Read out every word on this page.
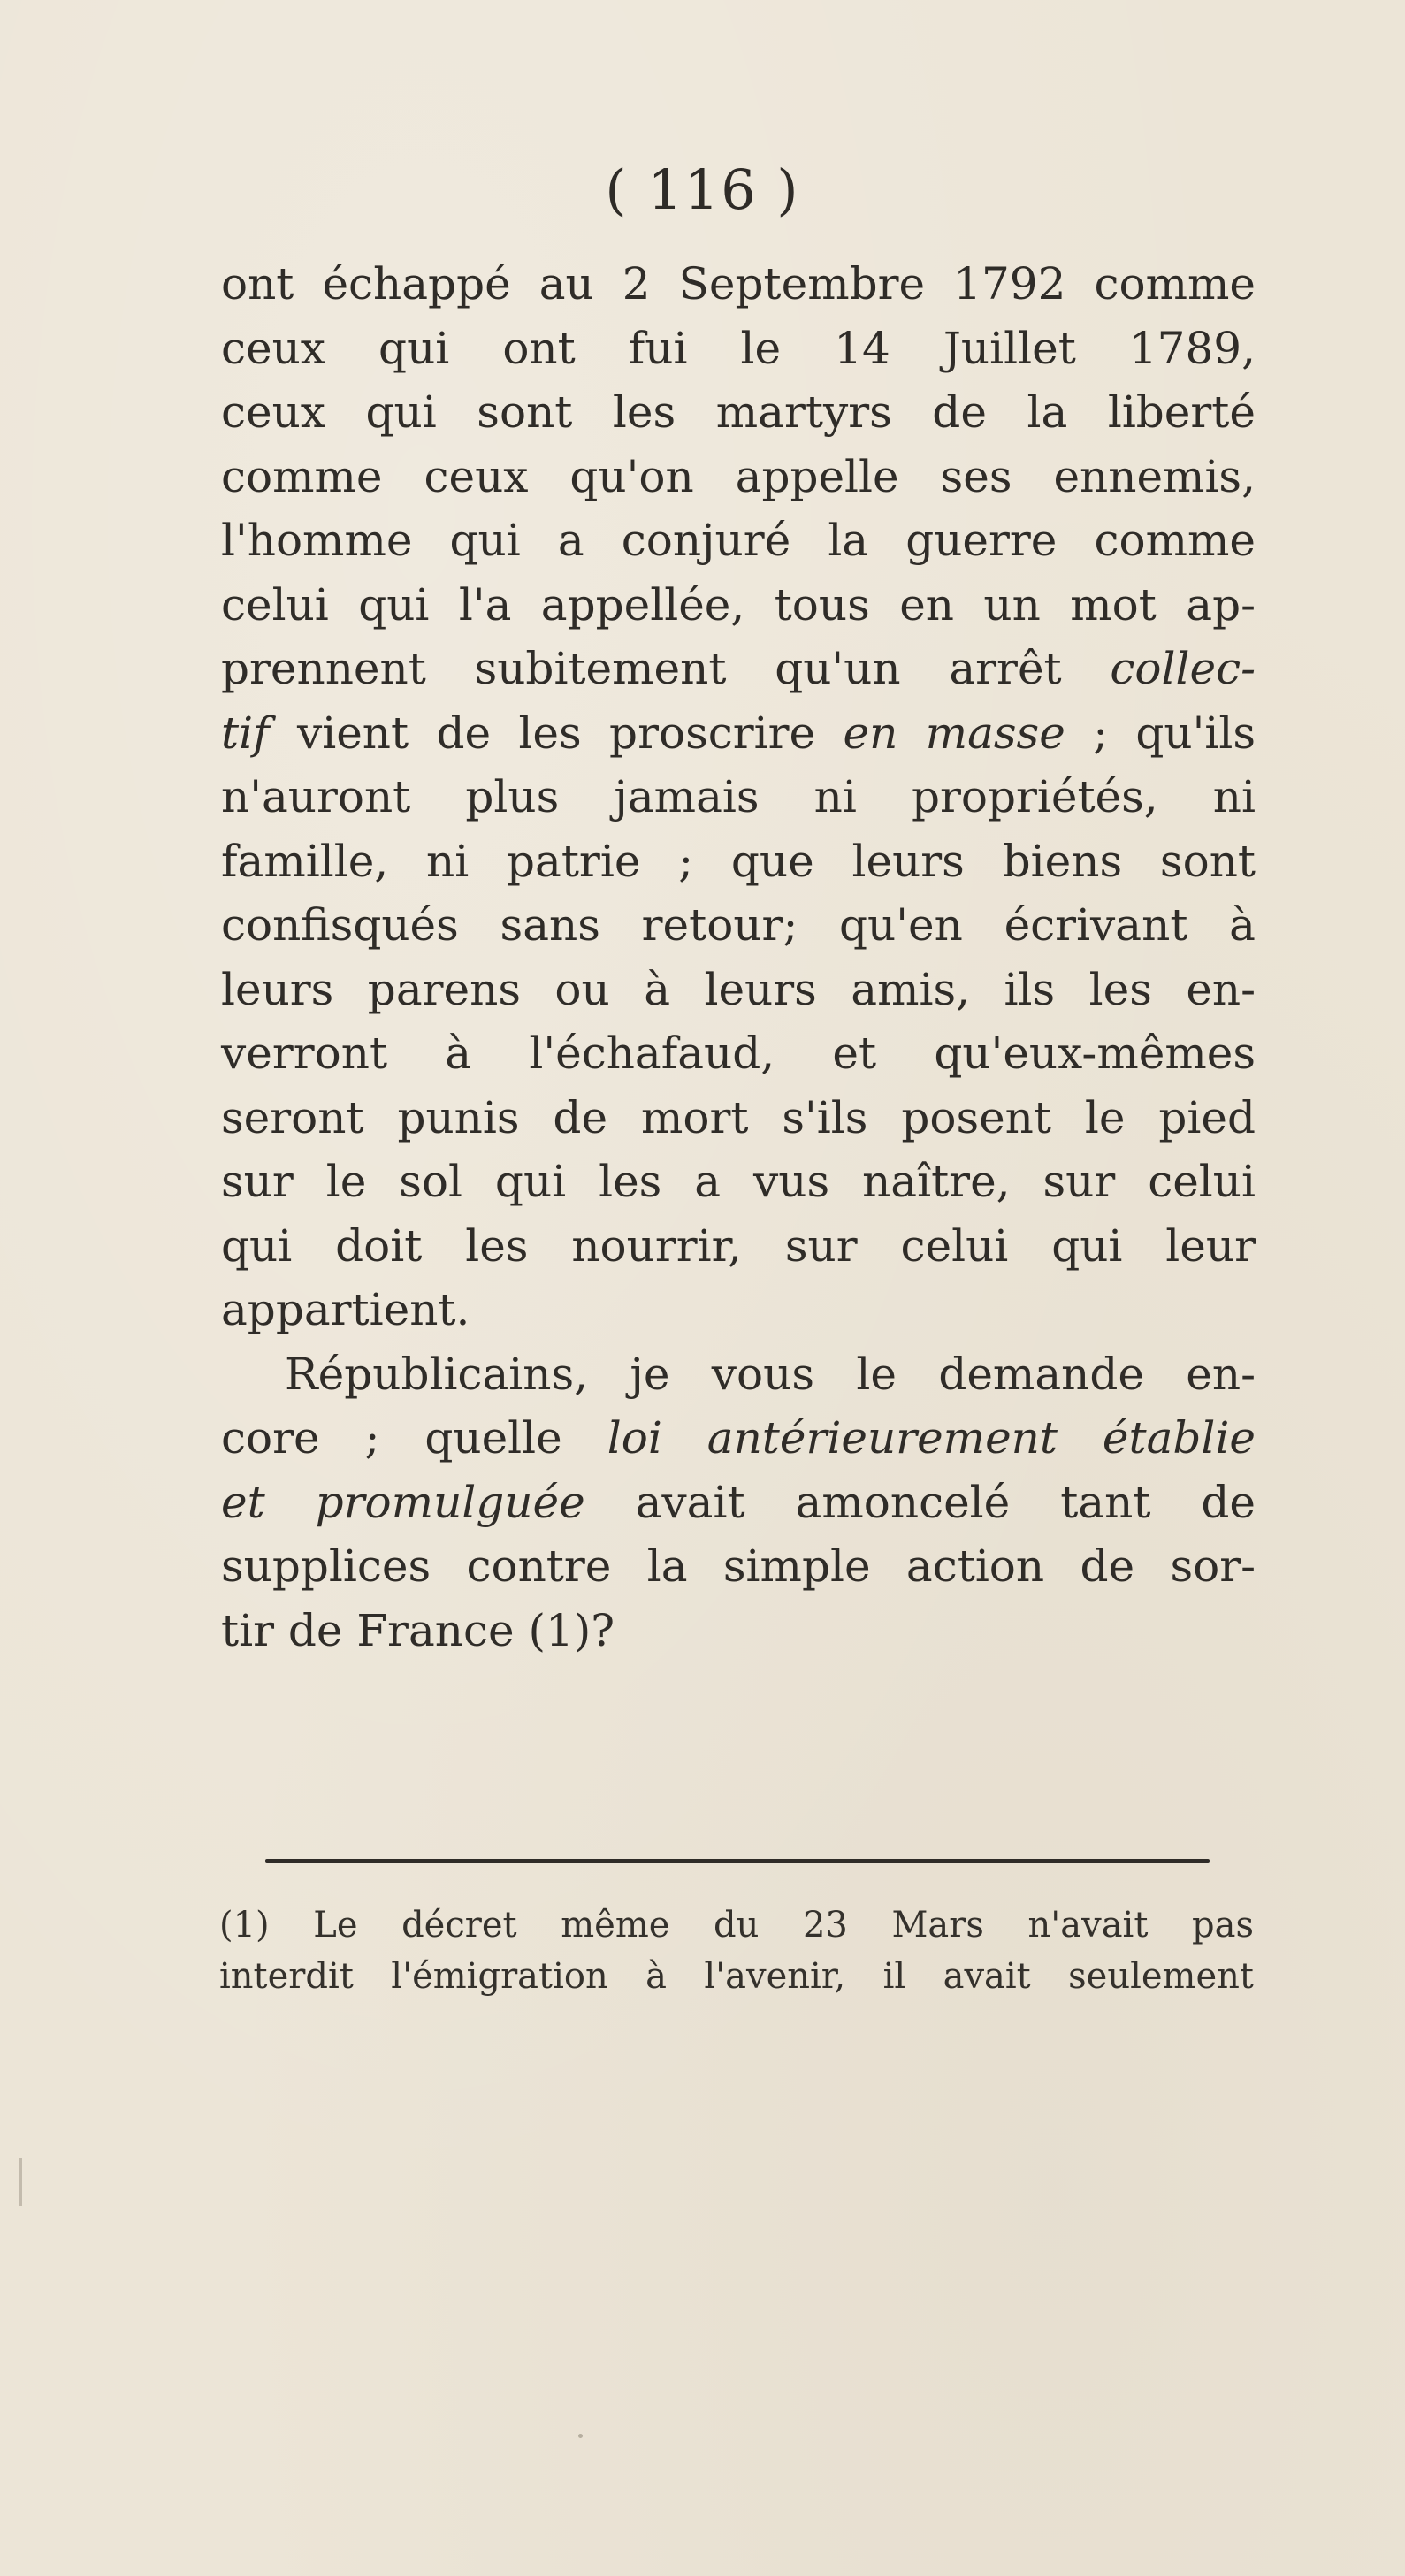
( 116 )
ont échappé au 2 Septembre 1792 comme
ceux qui ont fui le 14 Juillet 1789,
ceux qui sont les martyrs de la liberté
comme ceux qu'on appelle ses ennemis,
l'homme qui a conjuré la guerre comme
celui qui l'a appellée, tous en un mot ap-
prennent subitement qu'un arrêt collec-
tif vient de les proscrire en masse ; qu'ils
n'auront plus jamais ni propriétés, ni
famille, ni patrie ; que leurs biens sont
confisqués sans retour; qu'en écrivant à
leurs parens ou à leurs amis, ils les en-
verront à l'échafaud, et qu'eux-mêmes
seront punis de mort s'ils posent le pied
sur le sol qui les a vus naître, sur celui
qui doit les nourrir, sur celui qui leur
appartient.
Républicains, je vous le demande en-
core ; quelle loi antérieurement établie
et promulguée avait amoncelé tant de
supplices contre la simple action de sor-
tir de France (1)?
(1) Le décret même du 23 Mars n'avait pas
interdit l'émigration à l'avenir, il avait seulement
